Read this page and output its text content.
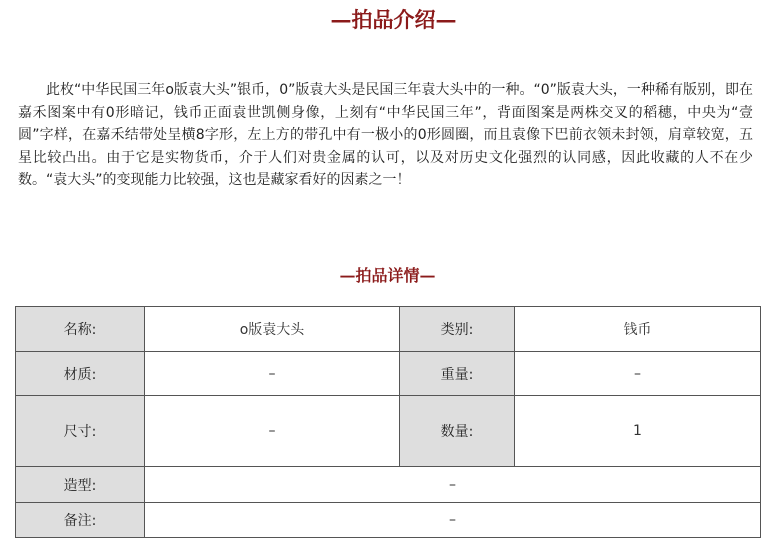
—拍品介绍—

此枚“中华民国三年o版袁大头”银币，0”版袁大头是民国三年袁大头中的一种。“0”版袁大头，一种稀有版别，即在嘉禾图案中有0形暗记，钱币正面袁世凯侧身像，上刻有“中华民国三年”，背面图案是两株交叉的稻穗，中央为“壹圆”字样，在嘉禾结带处呈横8字形，左上方的带孔中有一极小的0形圆圈，而且袁像下巴前衣领未封领，肩章较宽，五星比较凸出。由于它是实物货币，介于人们对贵金属的认可，以及对历史文化强烈的认同感，因此收藏的人不在少数。“袁大头”的变现能力比较强，这也是藏家看好的因素之一！

—拍品详情—
名称:	o版袁大头	类别:	钱币
材质:	–	重量:	–
尺寸:	–	数量:	1
造型:	–		
备注:	–		
